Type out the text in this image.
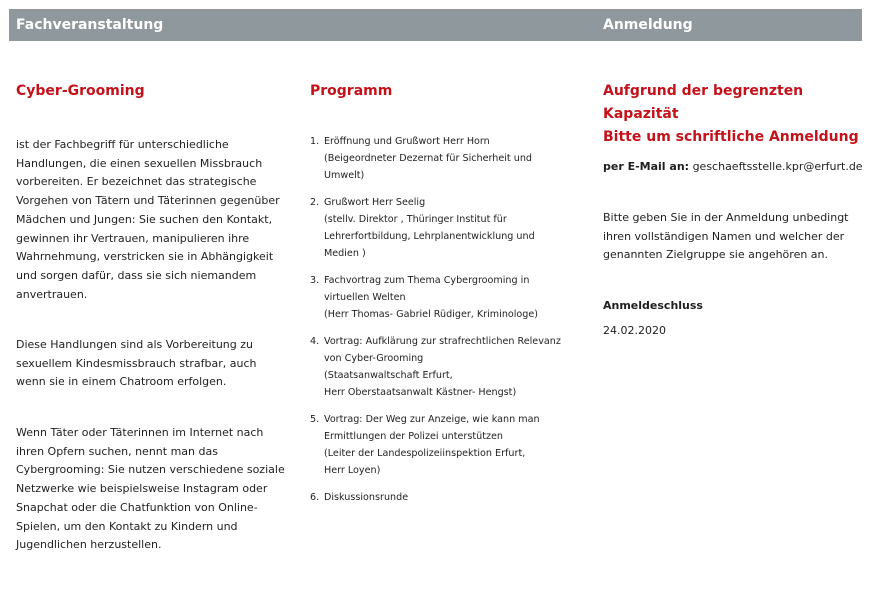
Fachveranstaltung	Anmeldung
Cyber-Grooming
ist der Fachbegriff für unterschiedliche
Handlungen, die einen sexuellen Missbrauch
vorbereiten. Er bezeichnet das strategische
Vorgehen von Tätern und Täterinnen gegenüber
Mädchen und Jungen: Sie suchen den Kontakt,
gewinnen ihr Vertrauen, manipulieren ihre
Wahrnehmung, verstricken sie in Abhängigkeit
und sorgen dafür, dass sie sich niemandem
anvertrauen.
Diese Handlungen sind als Vorbereitung zu
sexuellem Kindesmissbrauch strafbar, auch
wenn sie in einem Chatroom erfolgen.
Wenn Täter oder Täterinnen im Internet nach
ihren Opfern suchen, nennt man das
Cybergrooming: Sie nutzen verschiedene soziale
Netzwerke wie beispielsweise Instagram oder
Snapchat oder die Chatfunktion von Online-
Spielen, um den Kontakt zu Kindern und
Jugendlichen herzustellen.
Programm
1. Eröffnung und Grußwort Herr Horn
(Beigeordneter Dezernat für Sicherheit und
Umwelt)
2. Grußwort Herr Seelig
(stellv. Direktor , Thüringer Institut für
Lehrerfortbildung, Lehrplanentwicklung und
Medien )
3. Fachvortrag zum Thema Cybergrooming in
virtuellen Welten
(Herr Thomas- Gabriel Rüdiger, Kriminologe)
4. Vortrag: Aufklärung zur strafrechtlichen Relevanz
von Cyber-Grooming
(Staatsanwaltschaft Erfurt,
Herr Oberstaatsanwalt Kästner- Hengst)
5. Vortrag: Der Weg zur Anzeige, wie kann man
Ermittlungen der Polizei unterstützen
(Leiter der Landespolizeiinspektion Erfurt,
Herr Loyen)
6. Diskussionsrunde
Aufgrund der begrenzten Kapazität
Bitte um schriftliche Anmeldung
per E-Mail an: geschaeftsstelle.kpr@erfurt.de
Bitte geben Sie in der Anmeldung unbedingt
ihren vollständigen Namen und welcher der
genannten Zielgruppe sie angehören an.
Anmeldeschluss
24.02.2020
